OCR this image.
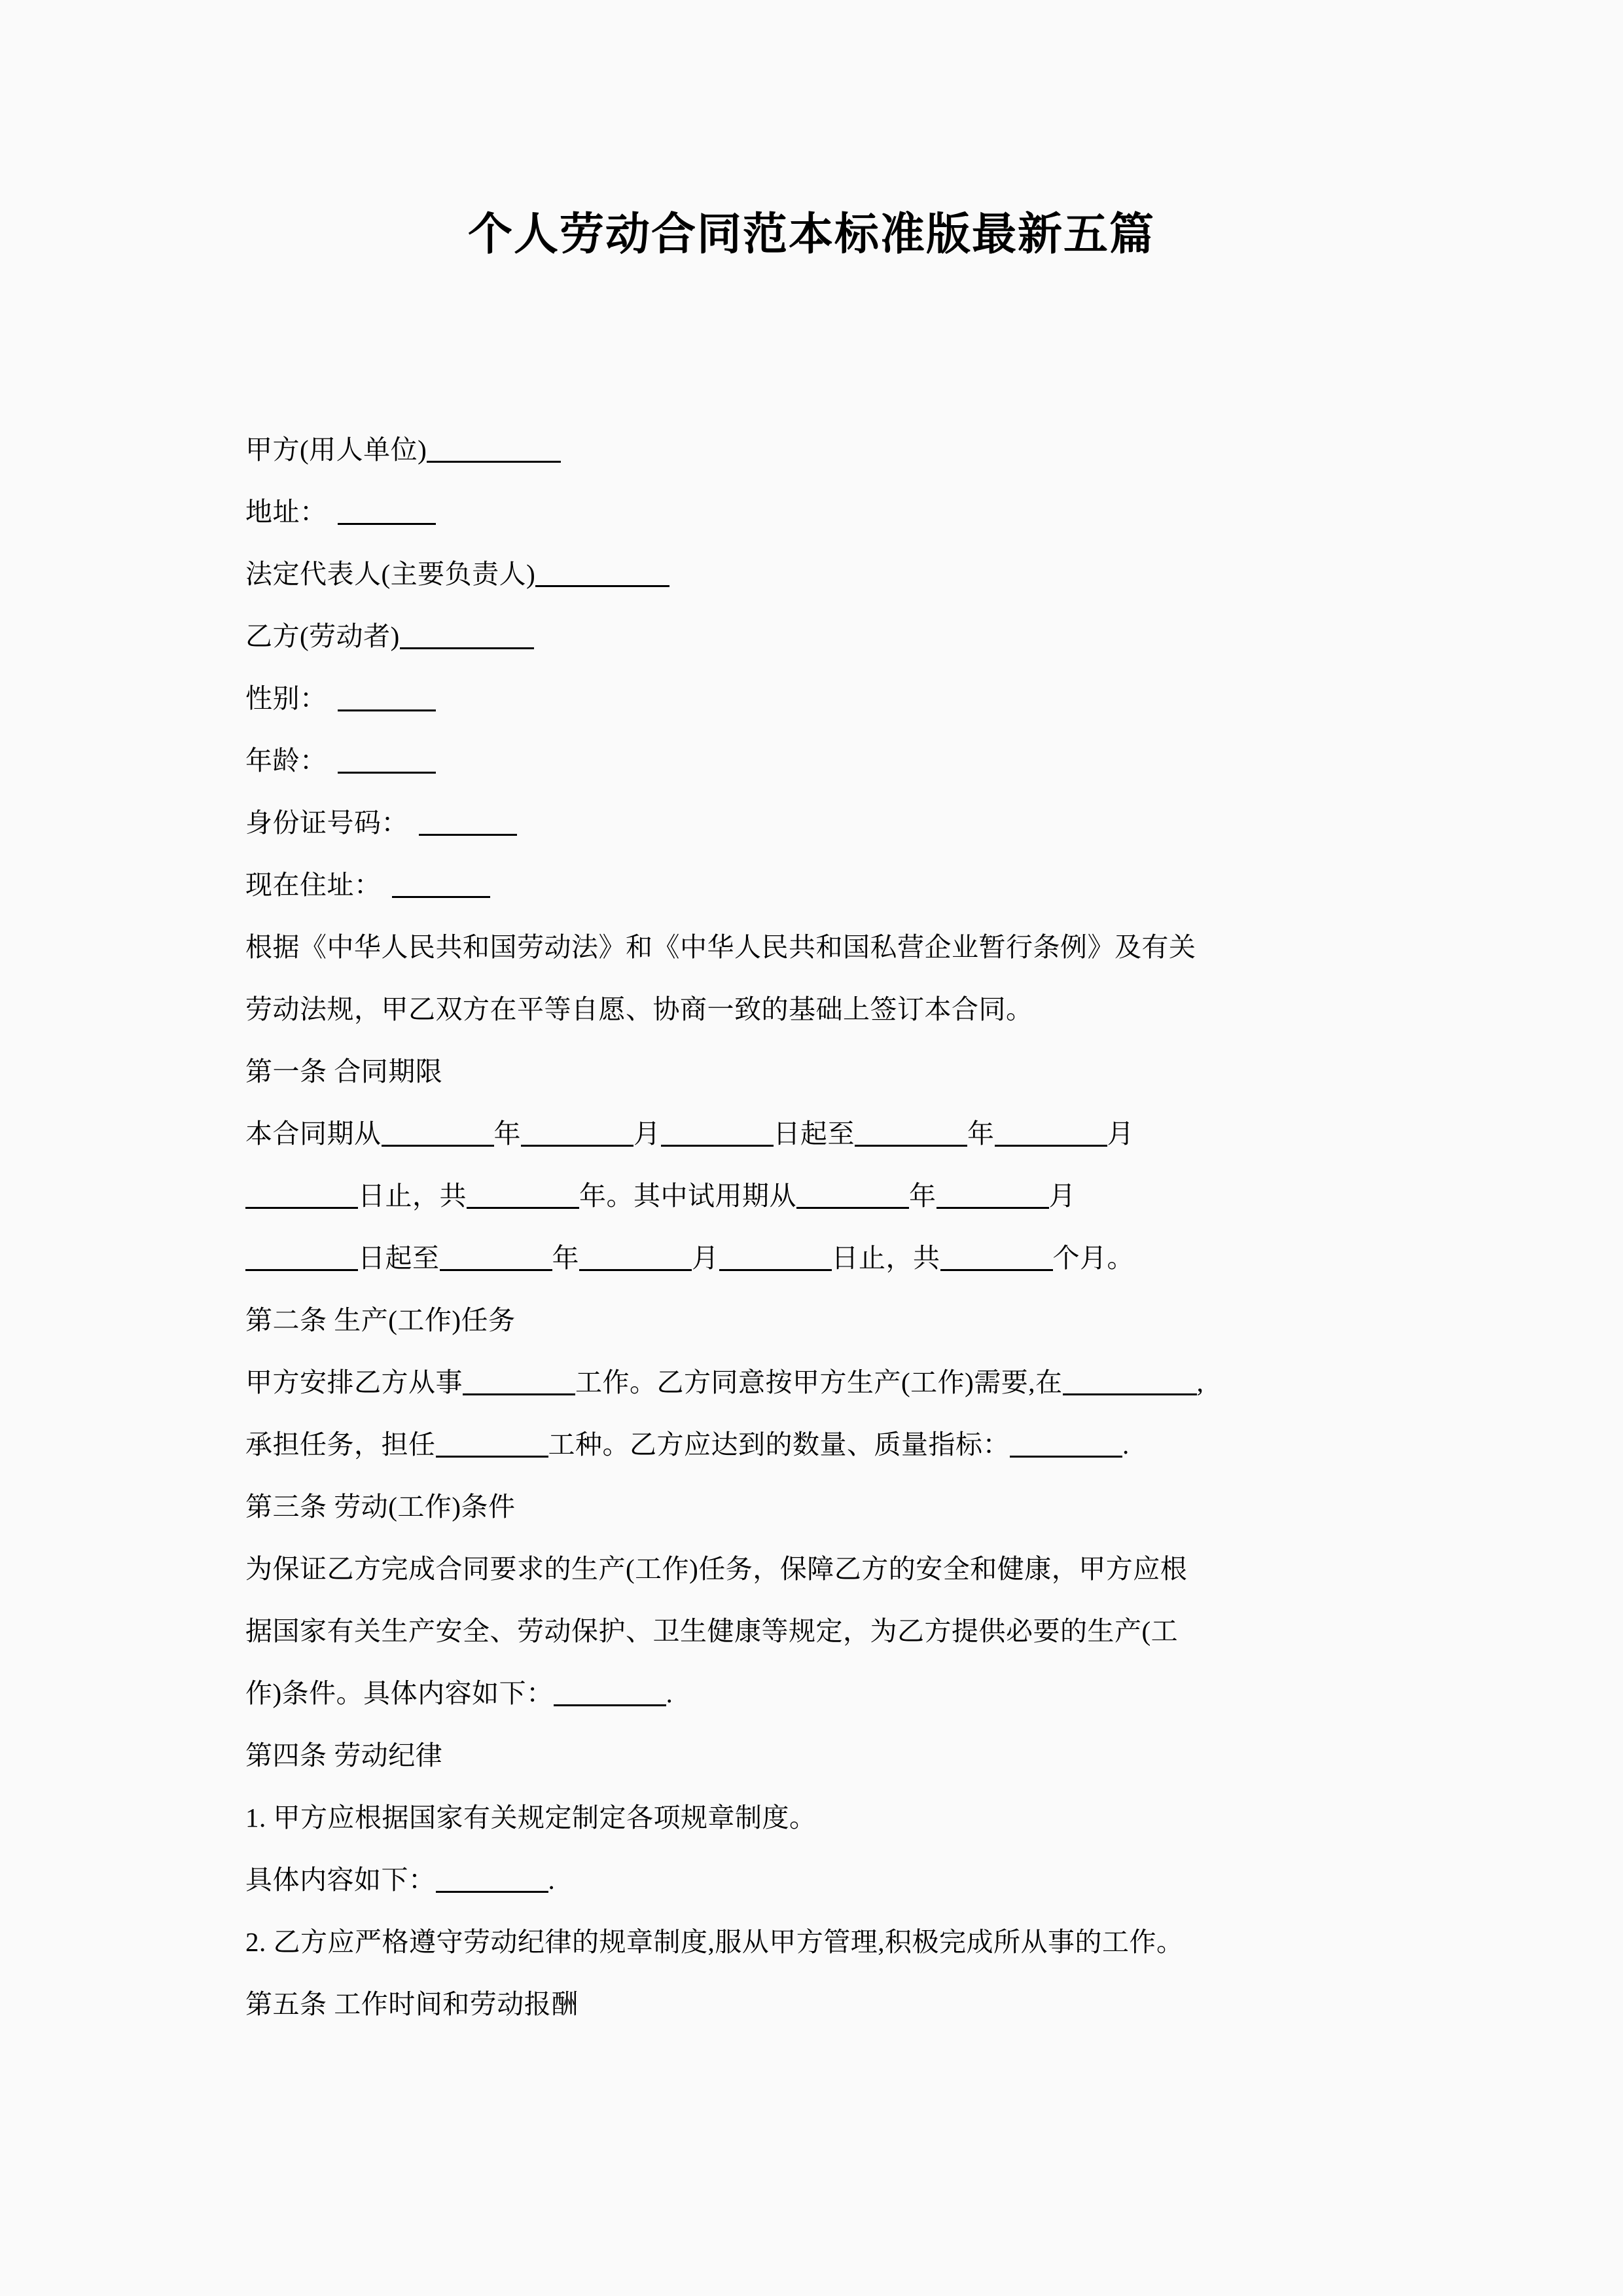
个人劳动合同范本标准版最新五篇
甲方(用人单位)
地址：
法定代表人(主要负责人)
乙方(劳动者)
性别：
年龄：
身份证号码：
现在住址：
根据《中华人民共和国劳动法》和《中华人民共和国私营企业暂行条例》及有关
劳动法规，甲乙双方在平等自愿、协商一致的基础上签订本合同。
第一条 合同期限
本合同期从	年	月	日起至	年	月
日止，共	年。其中试用期从	年	月
日起至	年	月	日止，共	个月。
第二条 生产(工作)任务
甲方安排乙方从事	工作。乙方同意按甲方生产(工作)需要,在	,
承担任务，担任	工种。乙方应达到的数量、质量指标：	.
第三条 劳动(工作)条件
为保证乙方完成合同要求的生产(工作)任务，保障乙方的安全和健康，甲方应根
据国家有关生产安全、劳动保护、卫生健康等规定，为乙方提供必要的生产(工
作)条件。具体内容如下：	.
第四条 劳动纪律
1. 甲方应根据国家有关规定制定各项规章制度。
具体内容如下：	.
2. 乙方应严格遵守劳动纪律的规章制度,服从甲方管理,积极完成所从事的工作。
第五条 工作时间和劳动报酬
